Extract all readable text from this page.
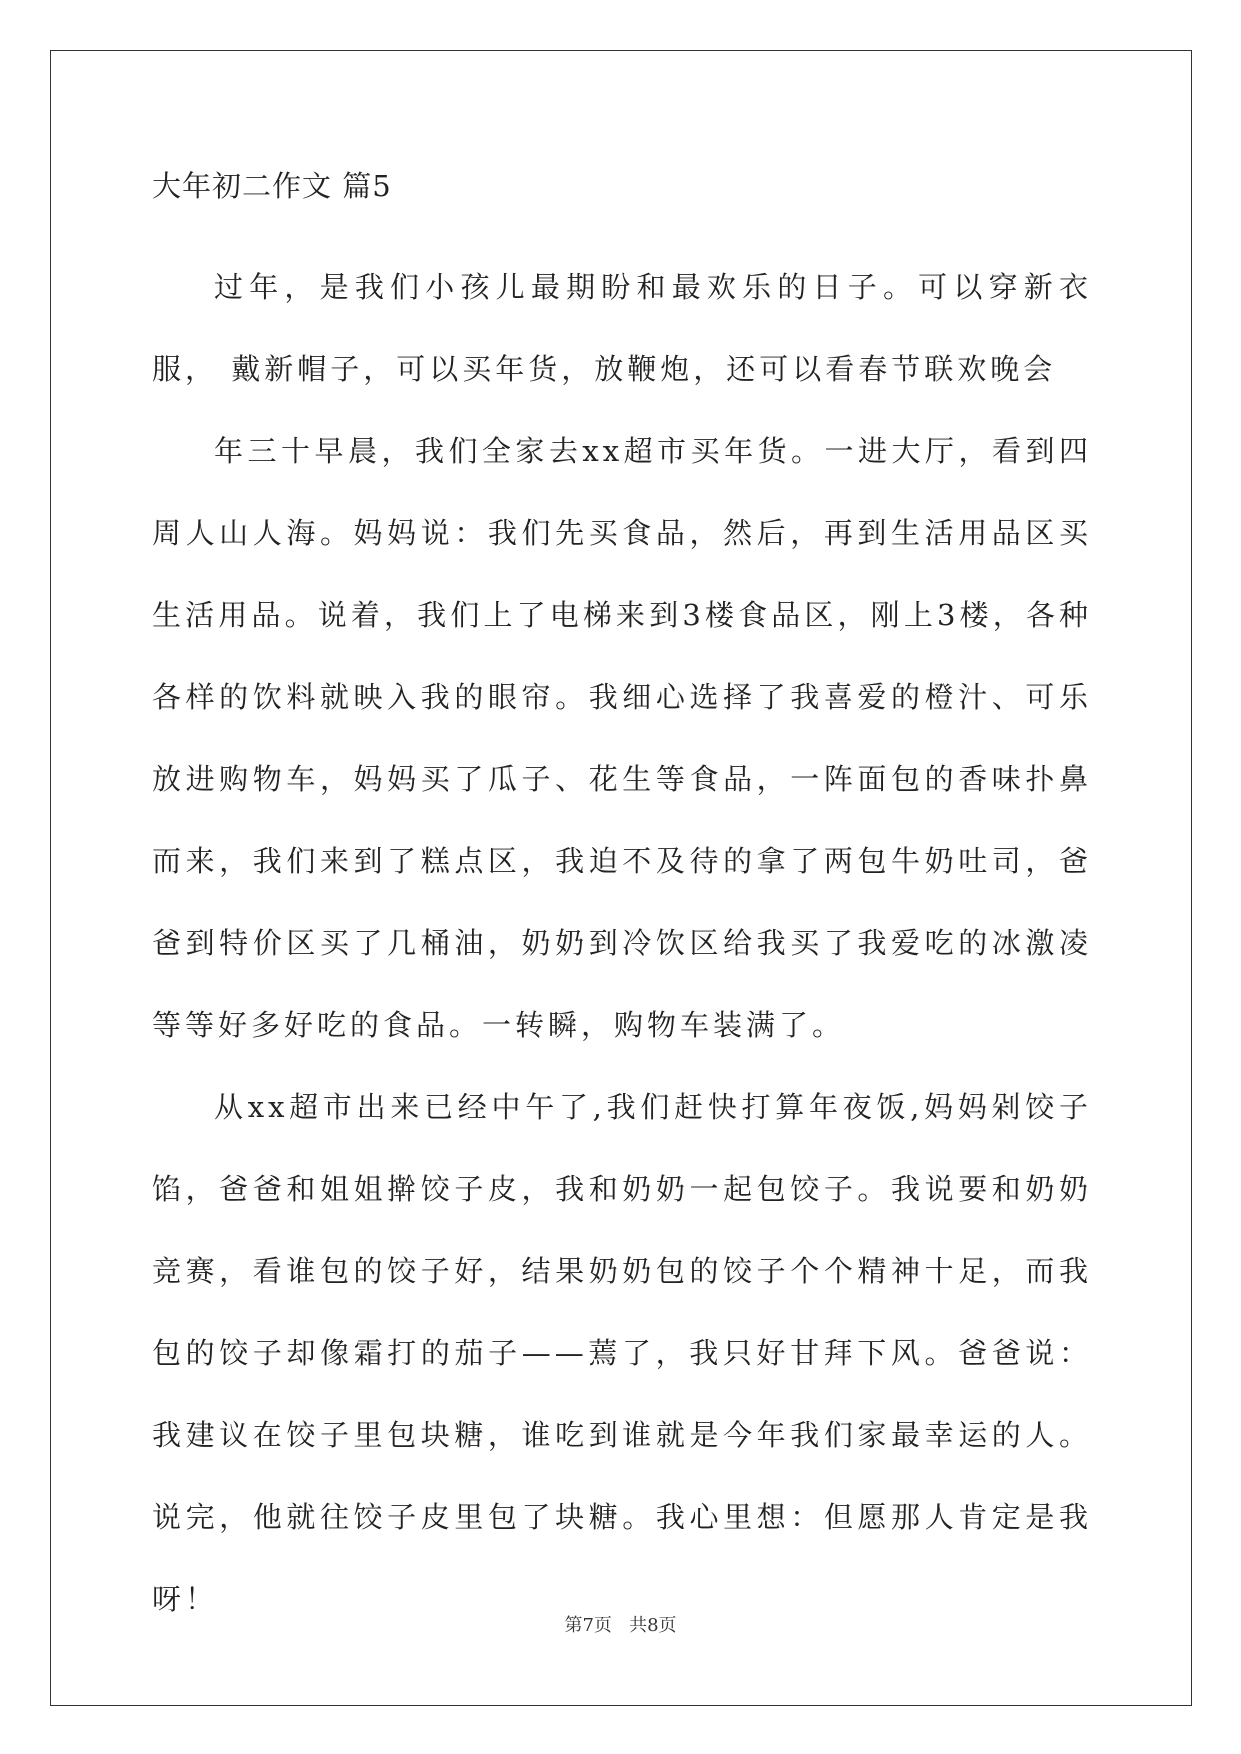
大年初二作文 篇5

过年，是我们小孩儿最期盼和最欢乐的日子。可以穿新衣服， 戴新帽子，可以买年货，放鞭炮，还可以看春节联欢晚会

年三十早晨，我们全家去xx超市买年货。一进大厅，看到四周人山人海。妈妈说：我们先买食品，然后，再到生活用品区买生活用品。说着，我们上了电梯来到3楼食品区，刚上3楼，各种各样的饮料就映入我的眼帘。我细心选择了我喜爱的橙汁、可乐放进购物车，妈妈买了瓜子、花生等食品，一阵面包的香味扑鼻而来，我们来到了糕点区，我迫不及待的拿了两包牛奶吐司，爸爸到特价区买了几桶油，奶奶到冷饮区给我买了我爱吃的冰激凌等等好多好吃的食品。一转瞬，购物车装满了。

从xx超市出来已经中午了,我们赶快打算年夜饭,妈妈剁饺子馅，爸爸和姐姐擀饺子皮，我和奶奶一起包饺子。我说要和奶奶竞赛，看谁包的饺子好，结果奶奶包的饺子个个精神十足，而我包的饺子却像霜打的茄子——蔫了，我只好甘拜下风。爸爸说：我建议在饺子里包块糖，谁吃到谁就是今年我们家最幸运的人。说完，他就往饺子皮里包了块糖。我心里想：但愿那人肯定是我呀！

第7页   共8页
